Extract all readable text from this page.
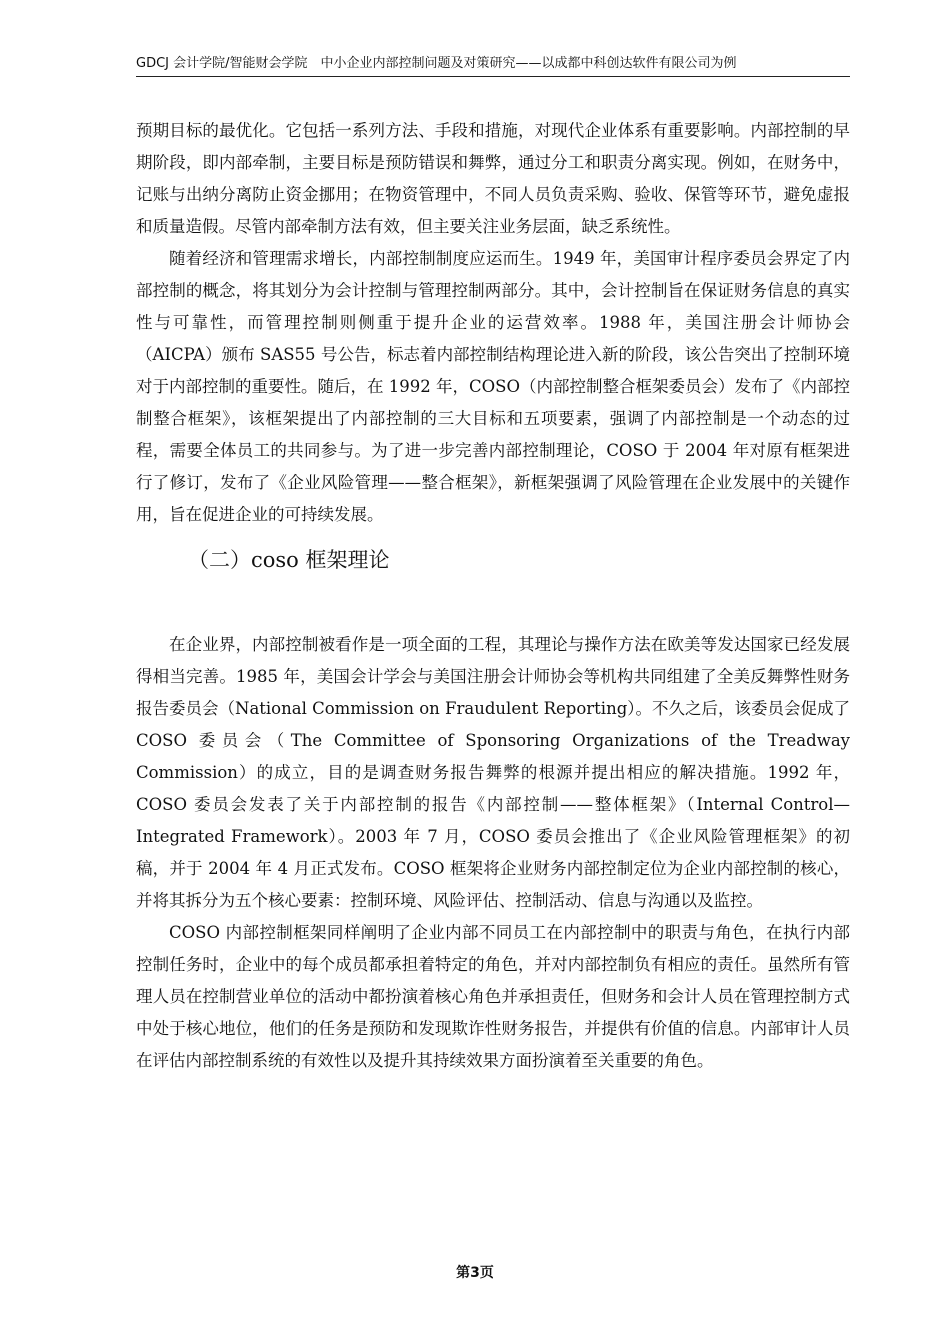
GDCJ 会计学院/智能财会学院　中小企业内部控制问题及对策研究——以成都中科创达软件有限公司为例

预期目标的最优化。它包括一系列方法、手段和措施，对现代企业体系有重要影响。内部控制的早期阶段，即内部牵制，主要目标是预防错误和舞弊，通过分工和职责分离实现。例如，在财务中，记账与出纳分离防止资金挪用；在物资管理中，不同人员负责采购、验收、保管等环节，避免虚报和质量造假。尽管内部牵制方法有效，但主要关注业务层面，缺乏系统性。

随着经济和管理需求增长，内部控制制度应运而生。1949 年，美国审计程序委员会界定了内部控制的概念，将其划分为会计控制与管理控制两部分。其中，会计控制旨在保证财务信息的真实性与可靠性，而管理控制则侧重于提升企业的运营效率。1988 年，美国注册会计师协会（AICPA）颁布 SAS55 号公告，标志着内部控制结构理论进入新的阶段，该公告突出了控制环境对于内部控制的重要性。随后，在 1992 年，COSO（内部控制整合框架委员会）发布了《内部控制整合框架》，该框架提出了内部控制的三大目标和五项要素，强调了内部控制是一个动态的过程，需要全体员工的共同参与。为了进一步完善内部控制理论，COSO 于 2004 年对原有框架进行了修订，发布了《企业风险管理——整合框架》，新框架强调了风险管理在企业发展中的关键作用，旨在促进企业的可持续发展。

（二）coso 框架理论

在企业界，内部控制被看作是一项全面的工程，其理论与操作方法在欧美等发达国家已经发展得相当完善。1985 年，美国会计学会与美国注册会计师协会等机构共同组建了全美反舞弊性财务报告委员会（National Commission on Fraudulent Reporting）。不久之后，该委员会促成了 COSO 委员会（The Committee of Sponsoring Organizations of the Treadway Commission）的成立，目的是调查财务报告舞弊的根源并提出相应的解决措施。1992 年，COSO 委员会发表了关于内部控制的报告《内部控制——整体框架》（Internal Control—Integrated Framework）。2003 年 7 月，COSO 委员会推出了《企业风险管理框架》的初稿，并于 2004 年 4 月正式发布。COSO 框架将企业财务内部控制定位为企业内部控制的核心，并将其拆分为五个核心要素：控制环境、风险评估、控制活动、信息与沟通以及监控。

COSO 内部控制框架同样阐明了企业内部不同员工在内部控制中的职责与角色，在执行内部控制任务时，企业中的每个成员都承担着特定的角色，并对内部控制负有相应的责任。虽然所有管理人员在控制营业单位的活动中都扮演着核心角色并承担责任，但财务和会计人员在管理控制方式中处于核心地位，他们的任务是预防和发现欺诈性财务报告，并提供有价值的信息。内部审计人员在评估内部控制系统的有效性以及提升其持续效果方面扮演着至关重要的角色。

第3页
